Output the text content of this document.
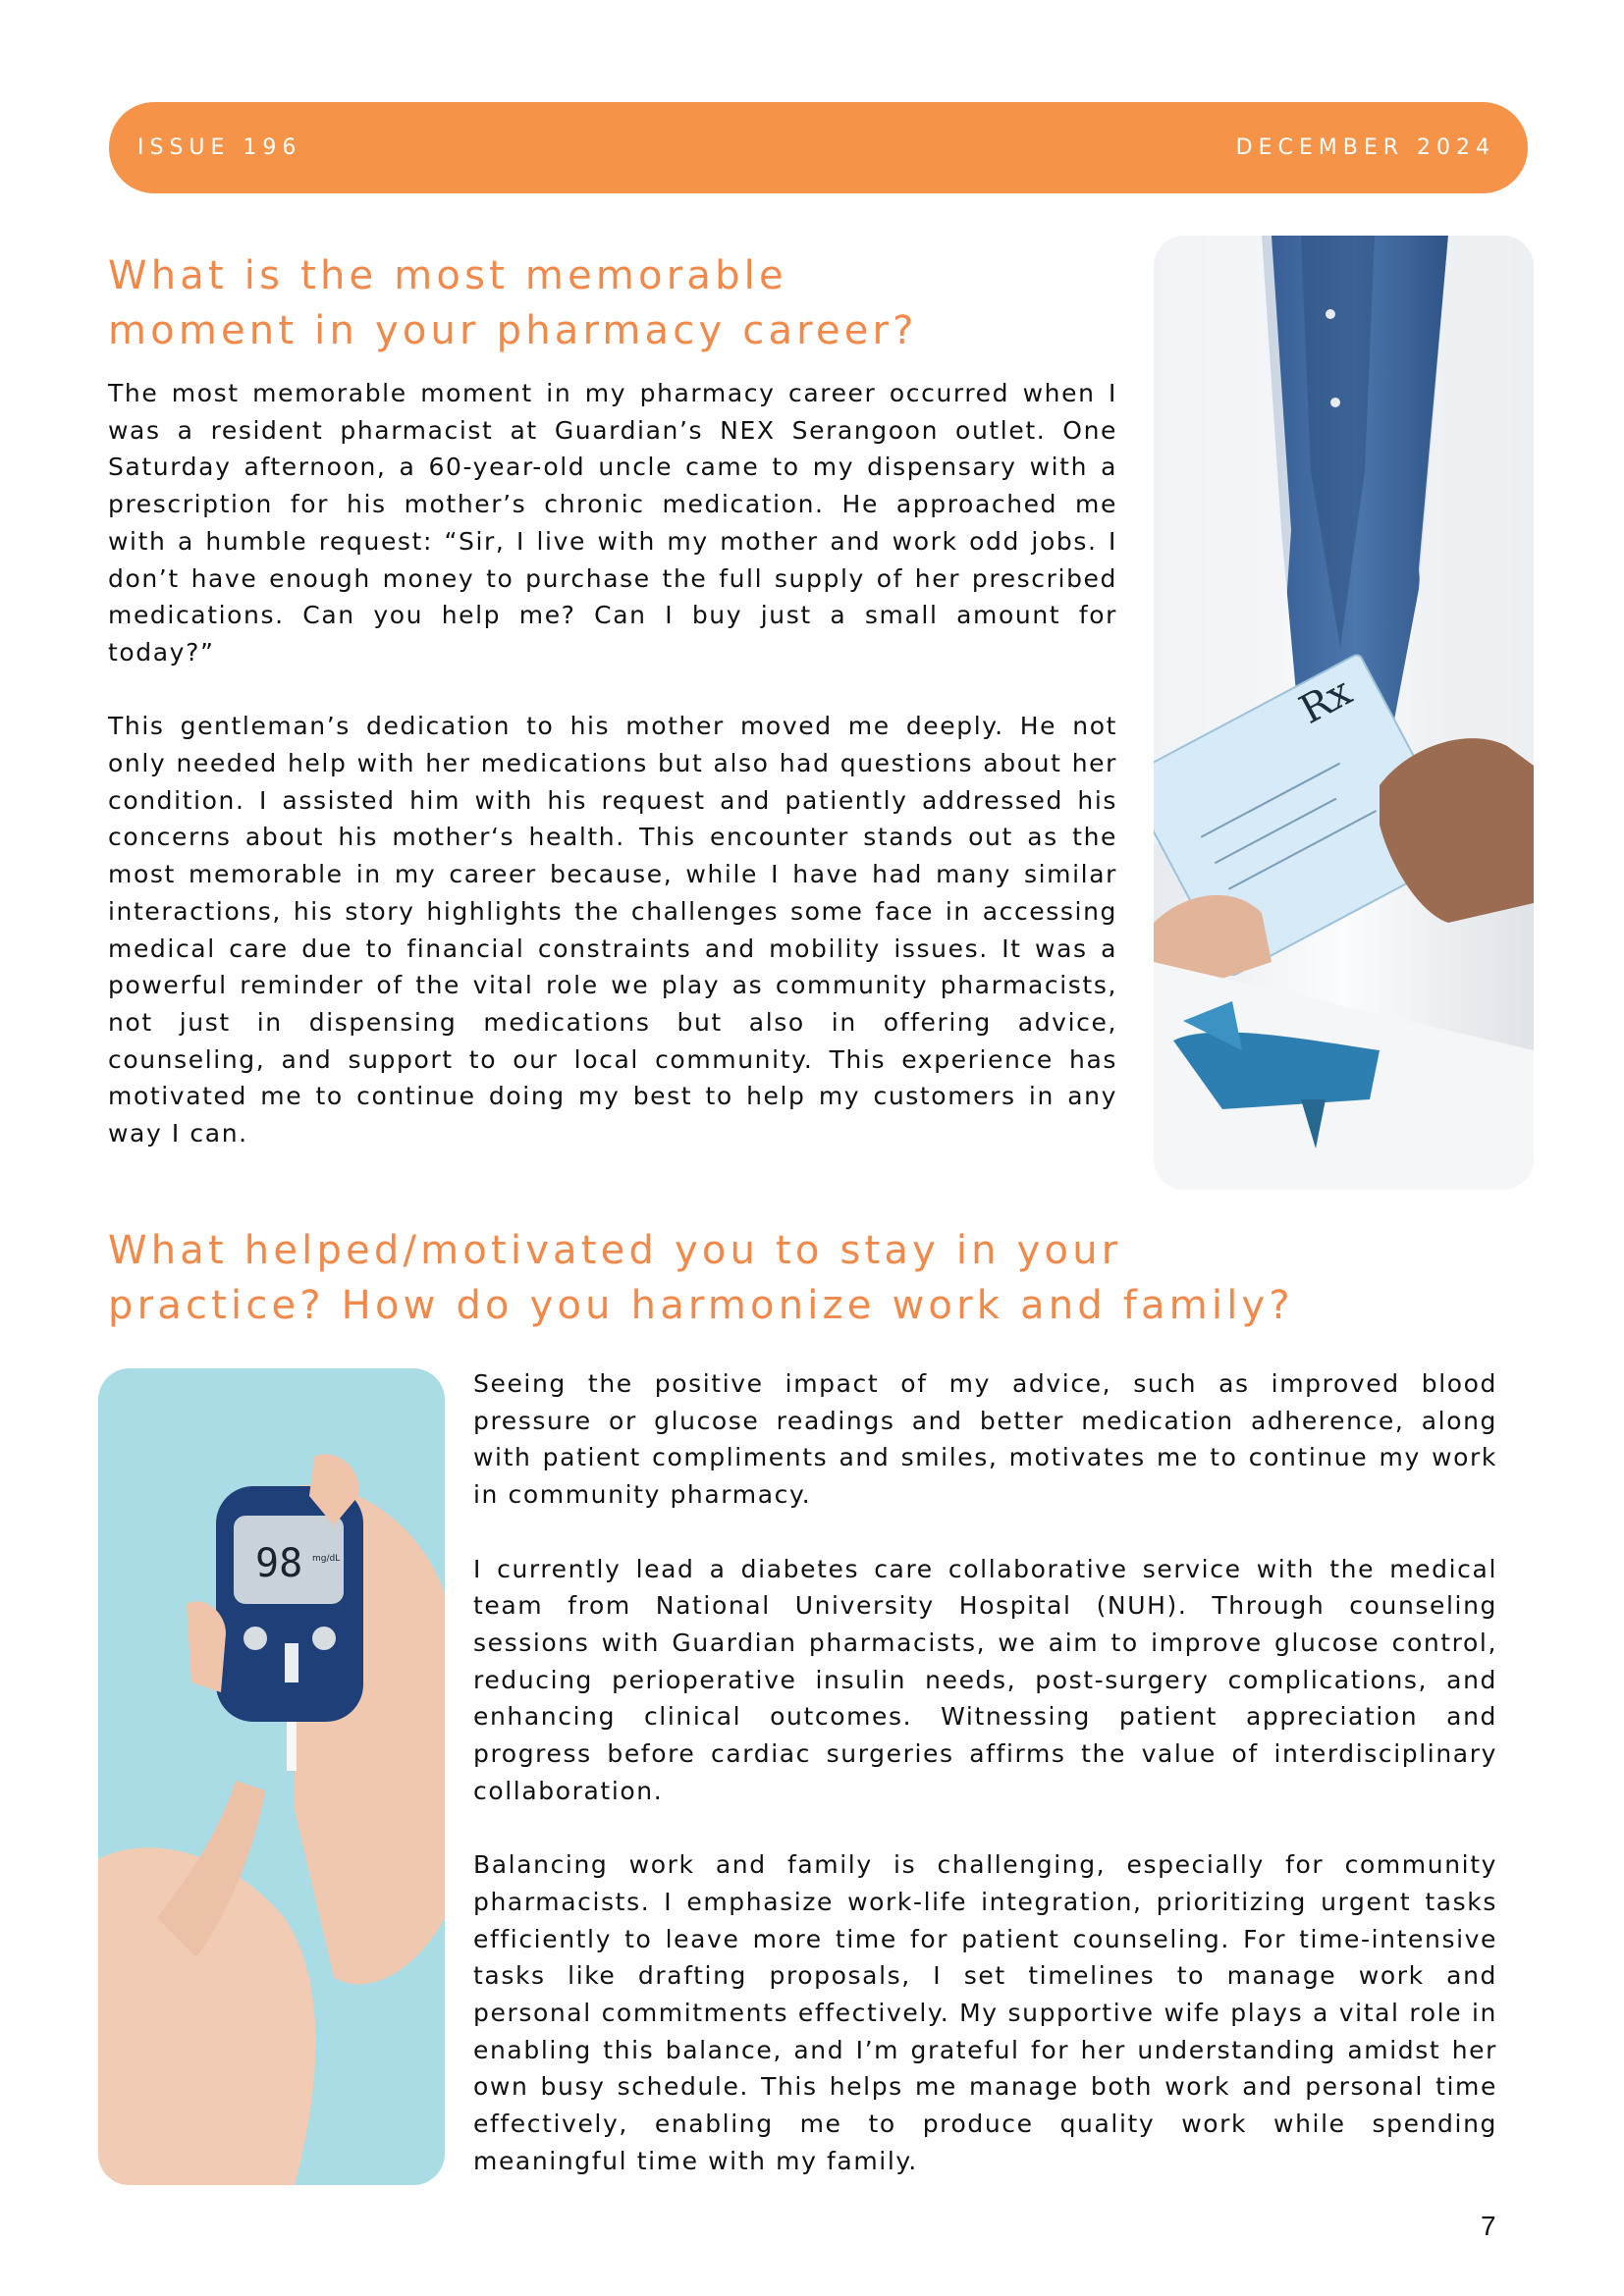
ISSUE 196	DECEMBER 2024
What is the most memorable
moment in your pharmacy career?

The most memorable moment in my pharmacy career occurred when I was a resident pharmacist at Guardian’s NEX Serangoon outlet. One Saturday afternoon, a 60-year-old uncle came to my dispensary with a prescription for his mother’s chronic medication. He approached me with a humble request: “Sir, I live with my mother and work odd jobs. I don’t have enough money to purchase the full supply of her prescribed medications. Can you help me? Can I buy just a small amount for today?”

This gentleman’s dedication to his mother moved me deeply. He not only needed help with her medications but also had questions about her condition. I assisted him with his request and patiently addressed his concerns about his mother‘s health. This encounter stands out as the most memorable in my career because, while I have had many similar interactions, his story highlights the challenges some face in accessing medical care due to financial constraints and mobility issues. It was a powerful reminder of the vital role we play as community pharmacists, not just in dispensing medications but also in offering advice, counseling, and support to our local community. This experience has motivated me to continue doing my best to help my customers in any way I can.

Rx
What helped/motivated you to stay in your
practice? How do you harmonize work and family?
98 mg/dL

Seeing the positive impact of my advice, such as improved blood pressure or glucose readings and better medication adherence, along with patient compliments and smiles, motivates me to continue my work in community pharmacy.

I currently lead a diabetes care collaborative service with the medical team from National University Hospital (NUH). Through counseling sessions with Guardian pharmacists, we aim to improve glucose control, reducing perioperative insulin needs, post-surgery complications, and enhancing clinical outcomes. Witnessing patient appreciation and progress before cardiac surgeries affirms the value of interdisciplinary collaboration.

Balancing work and family is challenging, especially for community pharmacists. I emphasize work-life integration, prioritizing urgent tasks efficiently to leave more time for patient counseling. For time-intensive tasks like drafting proposals, I set timelines to manage work and personal commitments effectively. My supportive wife plays a vital role in enabling this balance, and I’m grateful for her understanding amidst her own busy schedule. This helps me manage both work and personal time effectively, enabling me to produce quality work while spending meaningful time with my family.

7
